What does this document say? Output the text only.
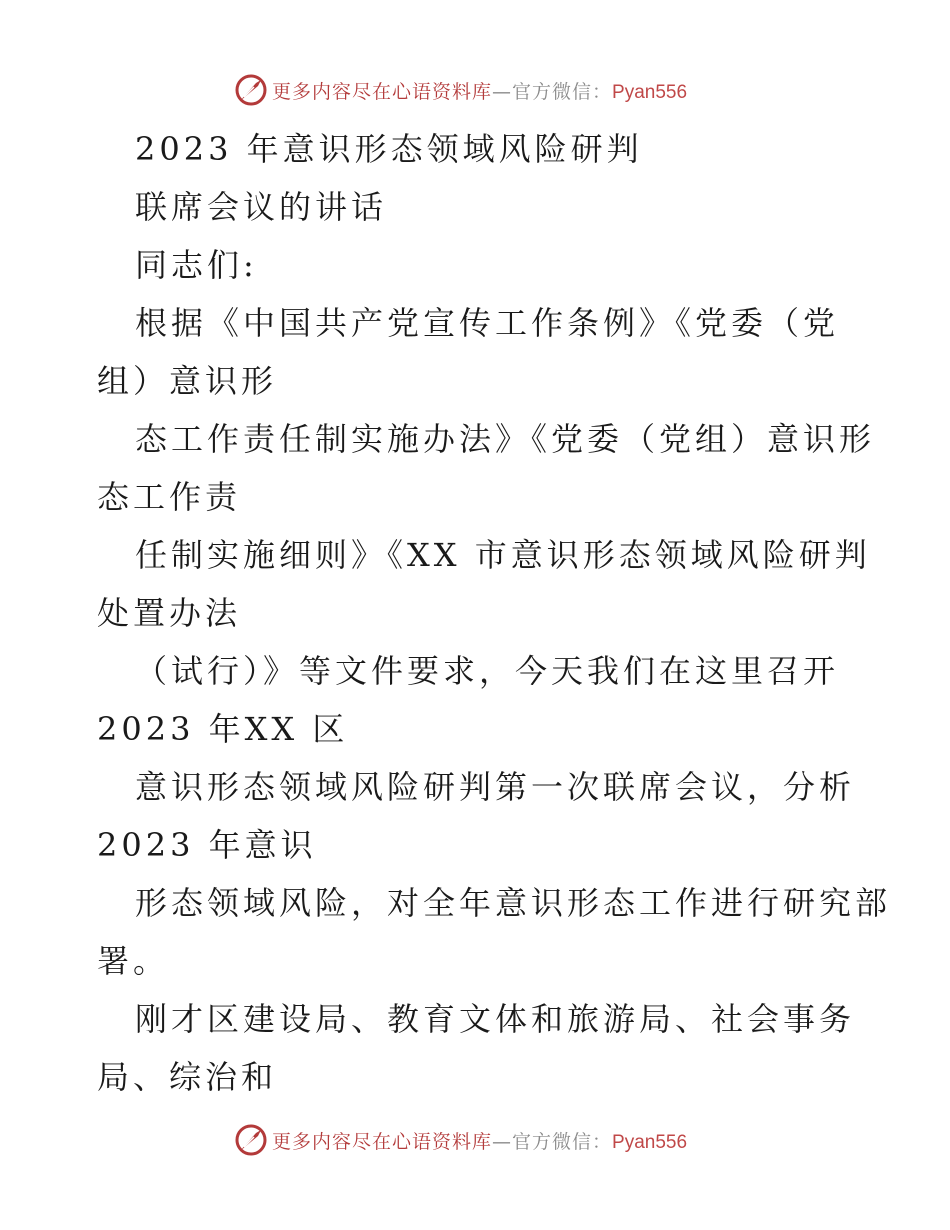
更多内容尽在心语资料库—官方微信：Pyan556
2023 年意识形态领域风险研判
联席会议的讲话
同志们:
根据《中国共产党宣传工作条例》《党委（党
组）意识形
态工作责任制实施办法》《党委（党组）意识形
态工作责
任制实施细则》《XX 市意识形态领域风险研判
处置办法
（试行）》等文件要求，今天我们在这里召开
2023 年XX 区
意识形态领域风险研判第一次联席会议，分析
2023 年意识
形态领域风险，对全年意识形态工作进行研究部
署。
刚才区建设局、教育文体和旅游局、社会事务
局、综治和
更多内容尽在心语资料库—官方微信：Pyan556
